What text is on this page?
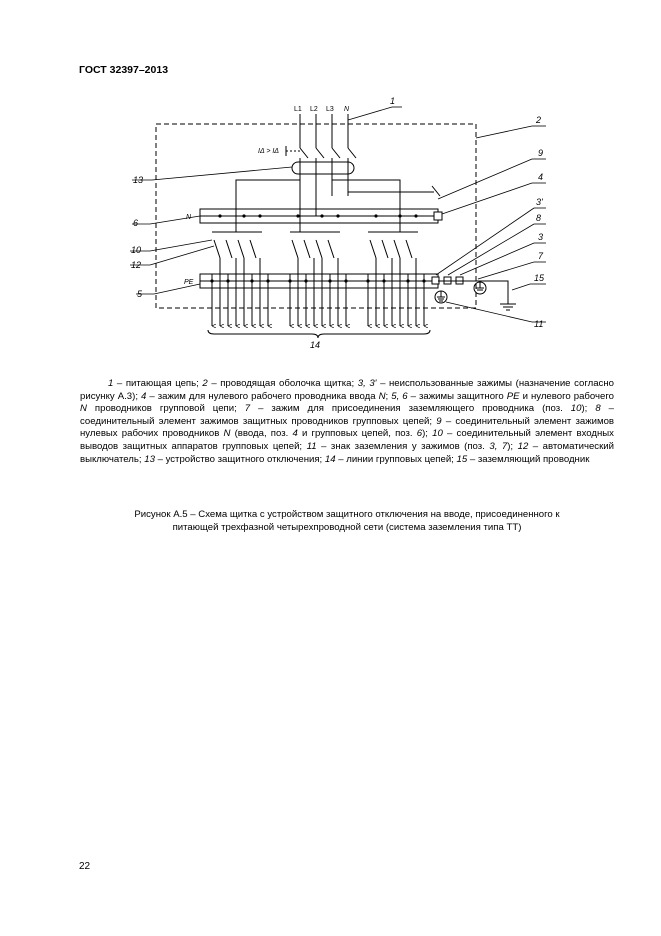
ГОСТ 32397–2013
L1 L2 L3 N
IΔ > IΔ
N
PE
1
2
9
4
13
6
3'
8
10
3
12
7
15
5
11
14
1 – питающая цепь; 2 – проводящая оболочка щитка; 3, 3' – неиспользованные зажимы (назначение согласно рисунку А.3); 4 – зажим для нулевого рабочего проводника ввода N; 5, 6 – зажимы защитного PE и нулевого рабочего N проводников групповой цепи; 7 – зажим для присоединения заземляющего проводника (поз. 10); 8 – соединительный элемент зажимов защитных проводников групповых цепей; 9 – соединительный элемент зажимов нулевых рабочих проводников N (ввода, поз. 4 и групповых цепей, поз. 6); 10 – соединительный элемент входных выводов защитных аппаратов групповых цепей; 11 – знак заземления у зажимов (поз. 3, 7); 12 – автоматический выключатель; 13 – устройство защитного отключения; 14 – линии групповых цепей; 15 – заземляющий проводник
Рисунок А.5 – Схема щитка с устройством защитного отключения на вводе, присоединенного к
питающей трехфазной четырехпроводной сети (система заземления типа ТТ)
22
